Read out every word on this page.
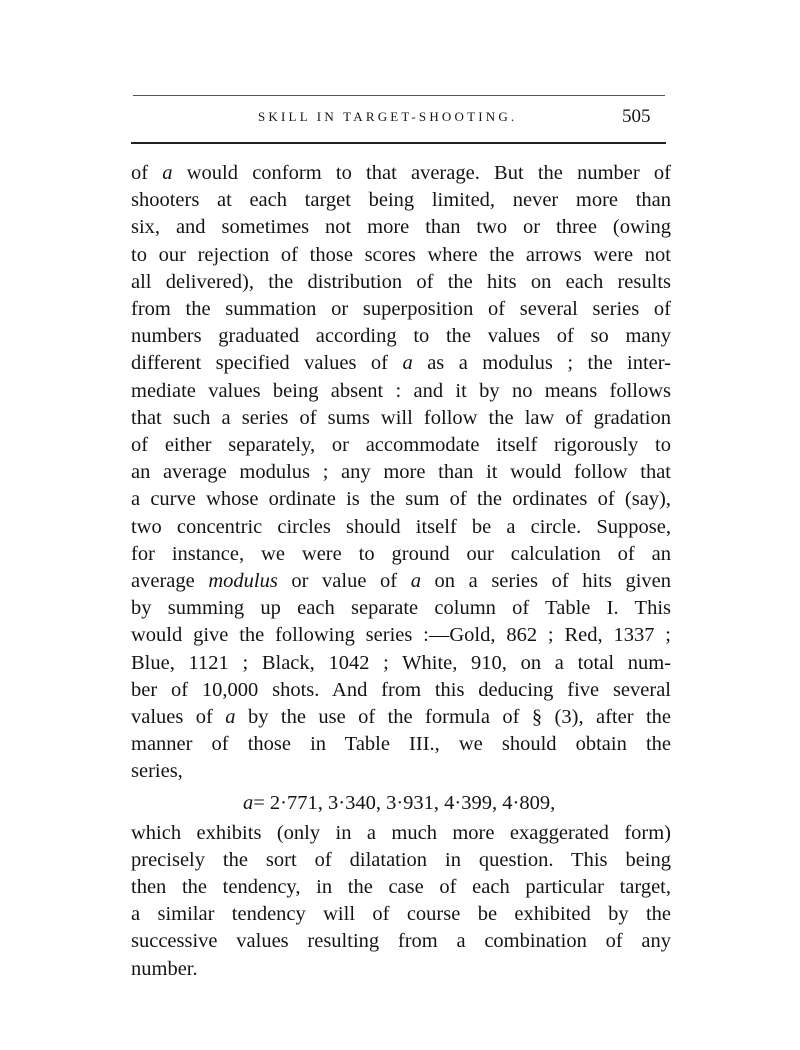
SKILL IN TARGET-SHOOTING.	505
of a would conform to that average. But the number of
shooters at each target being limited, never more than
six, and sometimes not more than two or three (owing
to our rejection of those scores where the arrows were not
all delivered), the distribution of the hits on each results
from the summation or superposition of several series of
numbers graduated according to the values of so many
different specified values of a as a modulus ; the inter-
mediate values being absent : and it by no means follows
that such a series of sums will follow the law of gradation
of either separately, or accommodate itself rigorously to
an average modulus ; any more than it would follow that
a curve whose ordinate is the sum of the ordinates of (say),
two concentric circles should itself be a circle. Suppose,
for instance, we were to ground our calculation of an
average modulus or value of a on a series of hits given
by summing up each separate column of Table I. This
would give the following series :—Gold, 862 ; Red, 1337 ;
Blue, 1121 ; Black, 1042 ; White, 910, on a total num-
ber of 10,000 shots. And from this deducing five several
values of a by the use of the formula of § (3), after the
manner of those in Table III., we should obtain the
series,
a= 2·771, 3·340, 3·931, 4·399, 4·809,
which exhibits (only in a much more exaggerated form)
precisely the sort of dilatation in question. This being
then the tendency, in the case of each particular target,
a similar tendency will of course be exhibited by the
successive values resulting from a combination of any
number.
